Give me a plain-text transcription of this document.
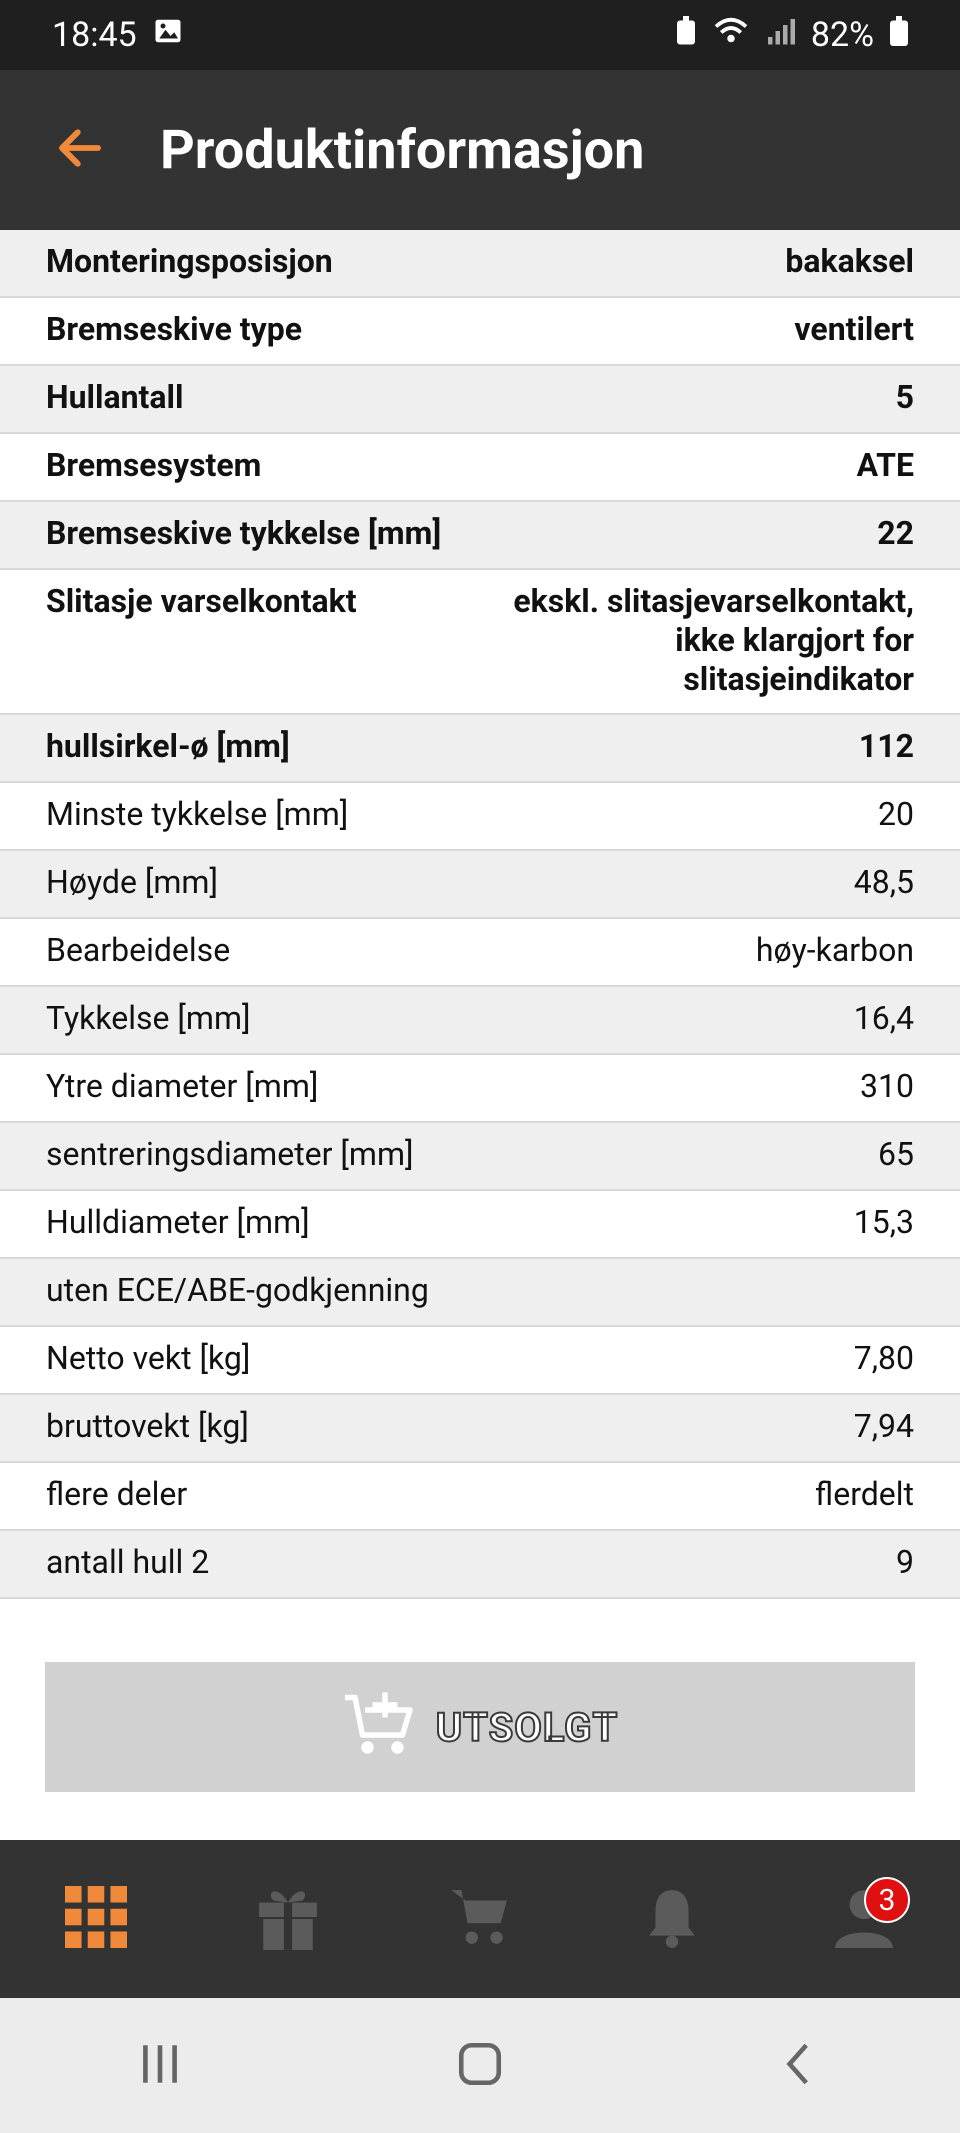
18:45	82%
Produktinformasjon
Monteringsposisjon	bakaksel
Bremseskive type	ventilert
Hullantall	5
Bremsesystem	ATE
Bremseskive tykkelse [mm]	22
Slitasje varselkontakt	ekskl. slitasjevarselkontakt, ikke klargjort for slitasjeindikator
hullsirkel-ø [mm]	112
Minste tykkelse [mm]	20
Høyde [mm]	48,5
Bearbeidelse	høy-karbon
Tykkelse [mm]	16,4
Ytre diameter [mm]	310
sentreringsdiameter [mm]	65
Hulldiameter [mm]	15,3
uten ECE/ABE-godkjenning
Netto vekt [kg]	7,80
bruttovekt [kg]	7,94
flere deler	flerdelt
antall hull 2	9
UTSOLGT
3
